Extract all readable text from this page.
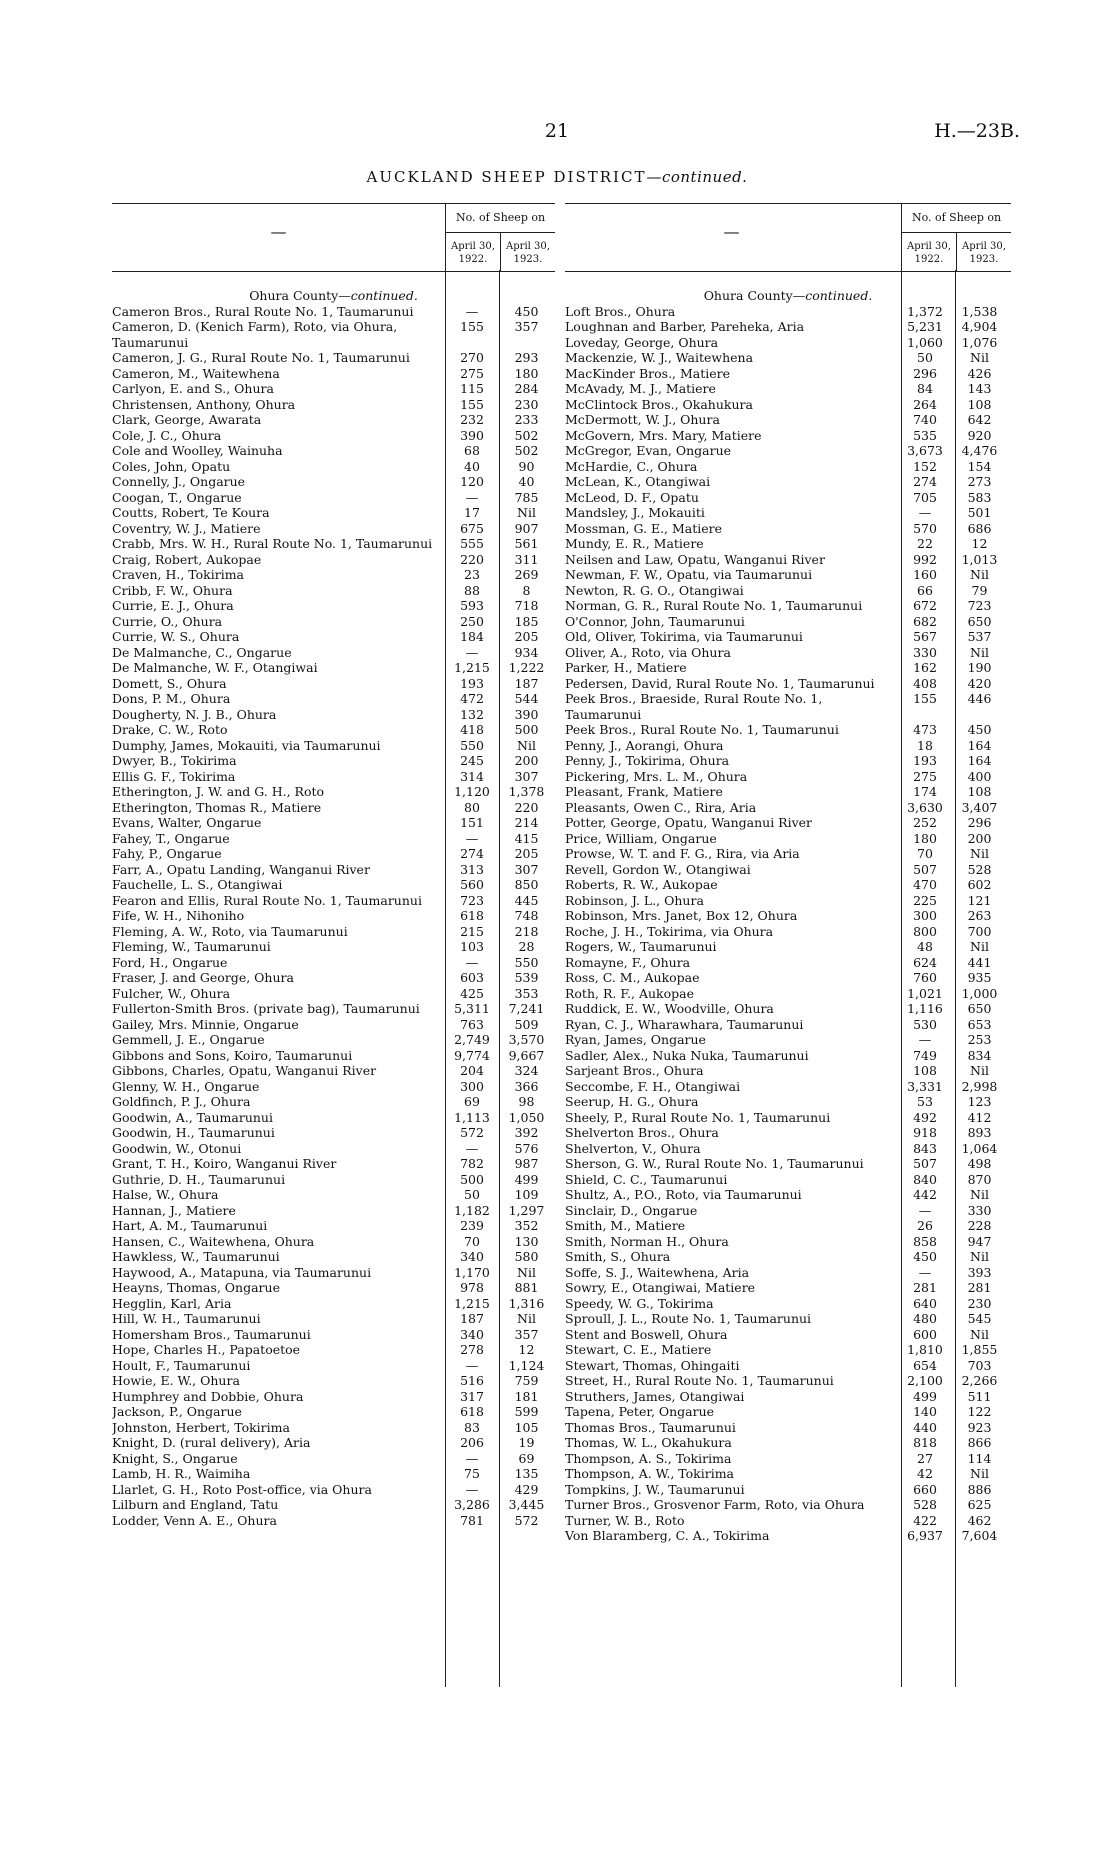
21	H.—23B.
AUCKLAND SHEEP DISTRICT—continued.
—
No. of Sheep on
April 30, 1922.
April 30, 1923.
Ohura County—continued.
Cameron Bros., Rural Route No. 1, Taumarunui	—	450
Cameron, D. (Kenich Farm), Roto, via Ohura, Taumarunui
155	357
Cameron, J. G., Rural Route No. 1, Taumarunui	270	293
Cameron, M., Waitewhena	275	180
Carlyon, E. and S., Ohura	115	284
Christensen, Anthony, Ohura	155	230
Clark, George, Awarata	232	233
Cole, J. C., Ohura	390	502
Cole and Woolley, Wainuha	68	502
Coles, John, Opatu	40	90
Connelly, J., Ongarue	120	40
Coogan, T., Ongarue	—	785
Coutts, Robert, Te Koura	17	Nil
Coventry, W. J., Matiere	675	907
Crabb, Mrs. W. H., Rural Route No. 1, Taumarunui	555	561
Craig, Robert, Aukopae	220	311
Craven, H., Tokirima	23	269
Cribb, F. W., Ohura	88	8
Currie, E. J., Ohura	593	718
Currie, O., Ohura	250	185
Currie, W. S., Ohura	184	205
De Malmanche, C., Ongarue	—	934
De Malmanche, W. F., Otangiwai	1,215	1,222
Domett, S., Ohura	193	187
Dons, P. M., Ohura	472	544
Dougherty, N. J. B., Ohura	132	390
Drake, C. W., Roto	418	500
Dumphy, James, Mokauiti, via Taumarunui	550	Nil
Dwyer, B., Tokirima	245	200
Ellis G. F., Tokirima	314	307
Etherington, J. W. and G. H., Roto	1,120	1,378
Etherington, Thomas R., Matiere	80	220
Evans, Walter, Ongarue	151	214
Fahey, T., Ongarue	—	415
Fahy, P., Ongarue	274	205
Farr, A., Opatu Landing, Wanganui River	313	307
Fauchelle, L. S., Otangiwai	560	850
Fearon and Ellis, Rural Route No. 1, Taumarunui	723	445
Fife, W. H., Nihoniho	618	748
Fleming, A. W., Roto, via Taumarunui	215	218
Fleming, W., Taumarunui	103	28
Ford, H., Ongarue	—	550
Fraser, J. and George, Ohura	603	539
Fulcher, W., Ohura	425	353
Fullerton-Smith Bros. (private bag), Taumarunui	5,311	7,241
Gailey, Mrs. Minnie, Ongarue	763	509
Gemmell, J. E., Ongarue	2,749	3,570
Gibbons and Sons, Koiro, Taumarunui	9,774	9,667
Gibbons, Charles, Opatu, Wanganui River	204	324
Glenny, W. H., Ongarue	300	366
Goldfinch, P. J., Ohura	69	98
Goodwin, A., Taumarunui	1,113	1,050
Goodwin, H., Taumarunui	572	392
Goodwin, W., Otonui	—	576
Grant, T. H., Koiro, Wanganui River	782	987
Guthrie, D. H., Taumarunui	500	499
Halse, W., Ohura	50	109
Hannan, J., Matiere	1,182	1,297
Hart, A. M., Taumarunui	239	352
Hansen, C., Waitewhena, Ohura	70	130
Hawkless, W., Taumarunui	340	580
Haywood, A., Matapuna, via Taumarunui	1,170	Nil
Heayns, Thomas, Ongarue	978	881
Hegglin, Karl, Aria	1,215	1,316
Hill, W. H., Taumarunui	187	Nil
Homersham Bros., Taumarunui	340	357
Hope, Charles H., Papatoetoe	278	12
Hoult, F., Taumarunui	—	1,124
Howie, E. W., Ohura	516	759
Humphrey and Dobbie, Ohura	317	181
Jackson, P., Ongarue	618	599
Johnston, Herbert, Tokirima	83	105
Knight, D. (rural delivery), Aria	206	19
Knight, S., Ongarue	—	69
Lamb, H. R., Waimiha	75	135
Llarlet, G. H., Roto Post-office, via Ohura	—	429
Lilburn and England, Tatu	3,286	3,445
Lodder, Venn A. E., Ohura	781	572
—
No. of Sheep on
April 30, 1922.
April 30, 1923.
Ohura County—continued.
Loft Bros., Ohura	1,372	1,538
Loughnan and Barber, Pareheka, Aria	5,231	4,904
Loveday, George, Ohura	1,060	1,076
Mackenzie, W. J., Waitewhena	50	Nil
MacKinder Bros., Matiere	296	426
McAvady, M. J., Matiere	84	143
McClintock Bros., Okahukura	264	108
McDermott, W. J., Ohura	740	642
McGovern, Mrs. Mary, Matiere	535	920
McGregor, Evan, Ongarue	3,673	4,476
McHardie, C., Ohura	152	154
McLean, K., Otangiwai	274	273
McLeod, D. F., Opatu	705	583
Mandsley, J., Mokauiti	—	501
Mossman, G. E., Matiere	570	686
Mundy, E. R., Matiere	22	12
Neilsen and Law, Opatu, Wanganui River	992	1,013
Newman, F. W., Opatu, via Taumarunui	160	Nil
Newton, R. G. O., Otangiwai	66	79
Norman, G. R., Rural Route No. 1, Taumarunui	672	723
O'Connor, John, Taumarunui	682	650
Old, Oliver, Tokirima, via Taumarunui	567	537
Oliver, A., Roto, via Ohura	330	Nil
Parker, H., Matiere	162	190
Pedersen, David, Rural Route No. 1, Taumarunui	408	420
Peek Bros., Braeside, Rural Route No. 1, Taumarunui
155	446
Peek Bros., Rural Route No. 1, Taumarunui	473	450
Penny, J., Aorangi, Ohura	18	164
Penny, J., Tokirima, Ohura	193	164
Pickering, Mrs. L. M., Ohura	275	400
Pleasant, Frank, Matiere	174	108
Pleasants, Owen C., Rira, Aria	3,630	3,407
Potter, George, Opatu, Wanganui River	252	296
Price, William, Ongarue	180	200
Prowse, W. T. and F. G., Rira, via Aria	70	Nil
Revell, Gordon W., Otangiwai	507	528
Roberts, R. W., Aukopae	470	602
Robinson, J. L., Ohura	225	121
Robinson, Mrs. Janet, Box 12, Ohura	300	263
Roche, J. H., Tokirima, via Ohura	800	700
Rogers, W., Taumarunui	48	Nil
Romayne, F., Ohura	624	441
Ross, C. M., Aukopae	760	935
Roth, R. F., Aukopae	1,021	1,000
Ruddick, E. W., Woodville, Ohura	1,116	650
Ryan, C. J., Wharawhara, Taumarunui	530	653
Ryan, James, Ongarue	—	253
Sadler, Alex., Nuka Nuka, Taumarunui	749	834
Sarjeant Bros., Ohura	108	Nil
Seccombe, F. H., Otangiwai	3,331	2,998
Seerup, H. G., Ohura	53	123
Sheely, P., Rural Route No. 1, Taumarunui	492	412
Shelverton Bros., Ohura	918	893
Shelverton, V., Ohura	843	1,064
Sherson, G. W., Rural Route No. 1, Taumarunui	507	498
Shield, C. C., Taumarunui	840	870
Shultz, A., P.O., Roto, via Taumarunui	442	Nil
Sinclair, D., Ongarue	—	330
Smith, M., Matiere	26	228
Smith, Norman H., Ohura	858	947
Smith, S., Ohura	450	Nil
Soffe, S. J., Waitewhena, Aria	—	393
Sowry, E., Otangiwai, Matiere	281	281
Speedy, W. G., Tokirima	640	230
Sproull, J. L., Route No. 1, Taumarunui	480	545
Stent and Boswell, Ohura	600	Nil
Stewart, C. E., Matiere	1,810	1,855
Stewart, Thomas, Ohingaiti	654	703
Street, H., Rural Route No. 1, Taumarunui	2,100	2,266
Struthers, James, Otangiwai	499	511
Tapena, Peter, Ongarue	140	122
Thomas Bros., Taumarunui	440	923
Thomas, W. L., Okahukura	818	866
Thompson, A. S., Tokirima	27	114
Thompson, A. W., Tokirima	42	Nil
Tompkins, J. W., Taumarunui	660	886
Turner Bros., Grosvenor Farm, Roto, via Ohura	528	625
Turner, W. B., Roto	422	462
Von Blaramberg, C. A., Tokirima	6,937	7,604
